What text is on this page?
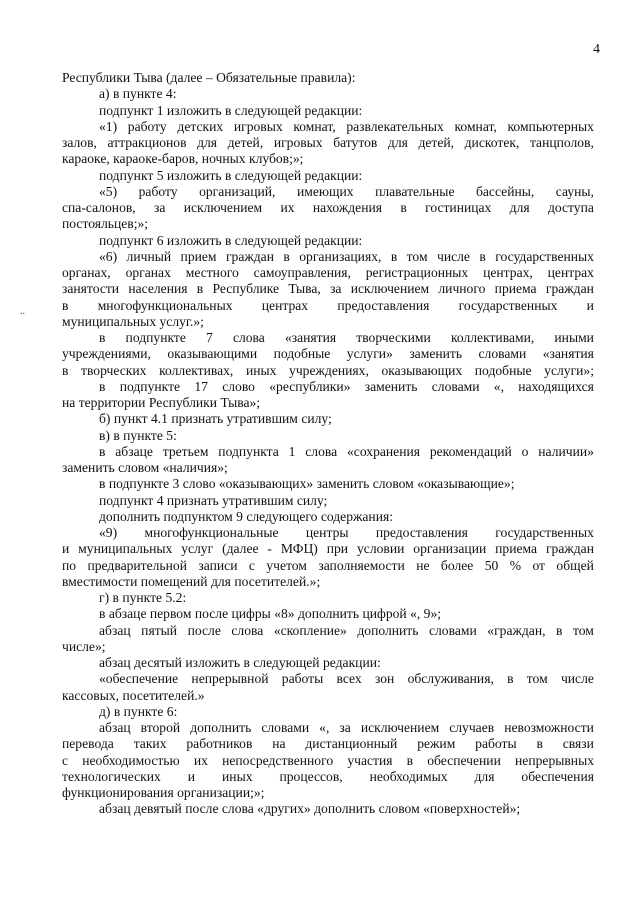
4
..
Республики Тыва (далее – Обязательные правила):
а) в пункте 4:
подпункт 1 изложить в следующей редакции:
«1) работу детских игровых комнат, развлекательных комнат, компьютерных
залов, аттракционов для детей, игровых батутов для детей, дискотек, танцполов,
караоке, караоке-баров, ночных клубов;»;
подпункт 5 изложить в следующей редакции:
«5) работу организаций, имеющих плавательные бассейны, сауны,
спа-салонов, за исключением их нахождения в гостиницах для доступа
постояльцев;»;
подпункт 6 изложить в следующей редакции:
«6) личный прием граждан в организациях, в том числе в государственных
органах, органах местного самоуправления, регистрационных центрах, центрах
занятости населения в Республике Тыва, за исключением личного приема граждан
в многофункциональных центрах предоставления государственных и
муниципальных услуг.»;
в подпункте 7 слова «занятия творческими коллективами, иными
учреждениями, оказывающими подобные услуги» заменить словами «занятия
в творческих коллективах, иных учреждениях, оказывающих подобные услуги»;
в подпункте 17 слово «республики» заменить словами «, находящихся
на территории Республики Тыва»;
б) пункт 4.1 признать утратившим силу;
в) в пункте 5:
в абзаце третьем подпункта 1 слова «сохранения рекомендаций о наличии»
заменить словом «наличия»;
в подпункте 3 слово «оказывающих» заменить словом «оказывающие»;
подпункт 4 признать утратившим силу;
дополнить подпунктом 9 следующего содержания:
«9) многофункциональные центры предоставления государственных
и муниципальных услуг (далее - МФЦ) при условии организации приема граждан
по предварительной записи с учетом заполняемости не более 50 % от общей
вместимости помещений для посетителей.»;
г) в пункте 5.2:
в абзаце первом после цифры «8» дополнить цифрой «, 9»;
абзац пятый после слова «скопление» дополнить словами «граждан, в том
числе»;
абзац десятый изложить в следующей редакции:
«обеспечение непрерывной работы всех зон обслуживания, в том числе
кассовых, посетителей.»
д) в пункте 6:
абзац второй дополнить словами «, за исключением случаев невозможности
перевода таких работников на дистанционный режим работы в связи
с необходимостью их непосредственного участия в обеспечении непрерывных
технологических и иных процессов, необходимых для обеспечения
функционирования организации;»;
абзац девятый после слова «других» дополнить словом «поверхностей»;
